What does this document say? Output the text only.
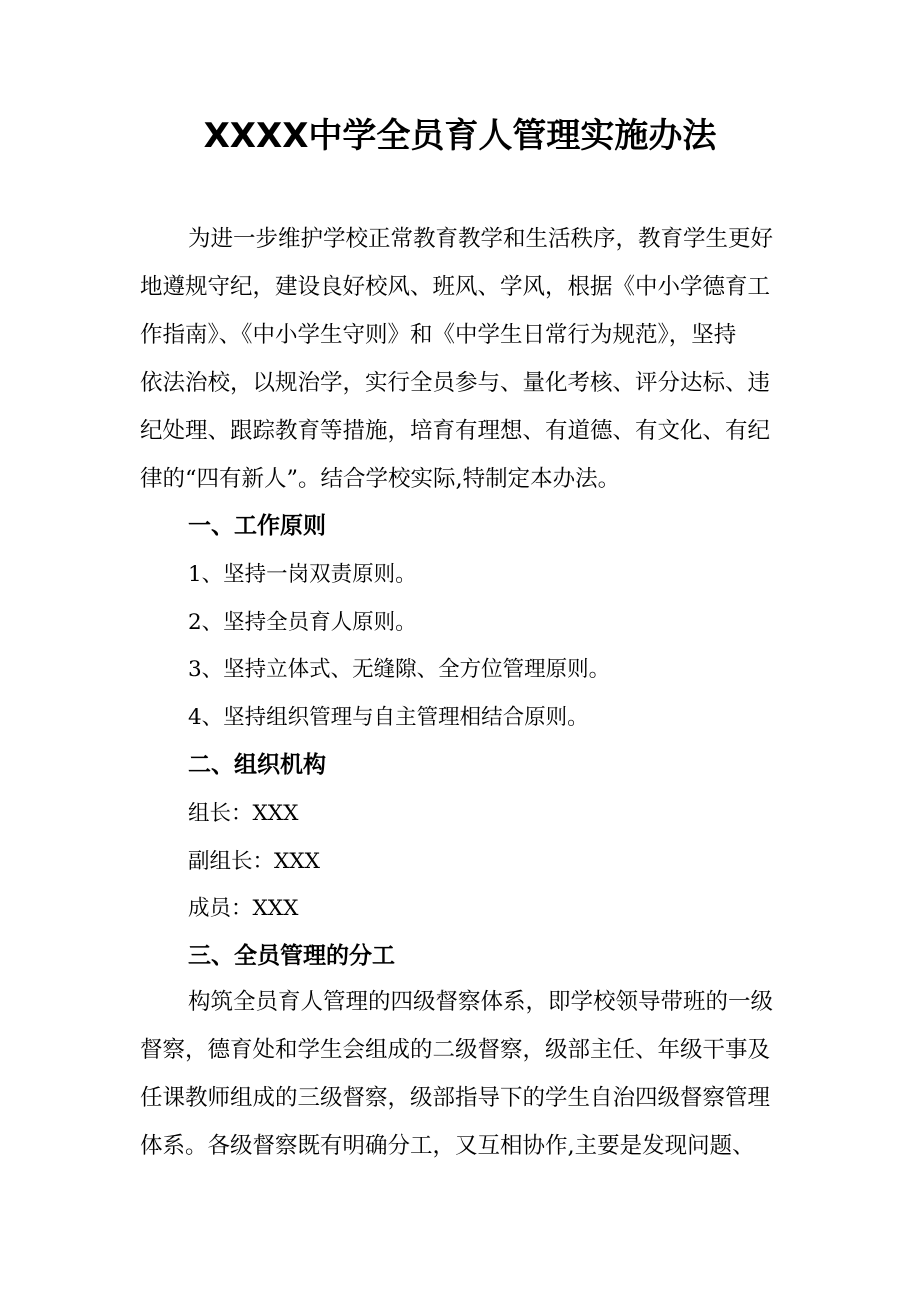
XXXX中学全员育人管理实施办法

为进一步维护学校正常教育教学和生活秩序，教育学生更好

地遵规守纪，建设良好校风、班风、学风，根据《中小学德育工

作指南》、《中小学生守则》和《中学生日常行为规范》，坚持

依法治校，以规治学，实行全员参与、量化考核、评分达标、违

纪处理、跟踪教育等措施，培育有理想、有道德、有文化、有纪

律的“四有新人”。结合学校实际,特制定本办法。

一、工作原则
1、坚持一岗双责原则。
2、坚持全员育人原则。
3、坚持立体式、无缝隙、全方位管理原则。
4、坚持组织管理与自主管理相结合原则。
二、组织机构
组长：XXX
副组长：XXX
成员：XXX
三、全员管理的分工

构筑全员育人管理的四级督察体系，即学校领导带班的一级

督察，德育处和学生会组成的二级督察，级部主任、年级干事及

任课教师组成的三级督察，级部指导下的学生自治四级督察管理

体系。各级督察既有明确分工，又互相协作,主要是发现问题、
